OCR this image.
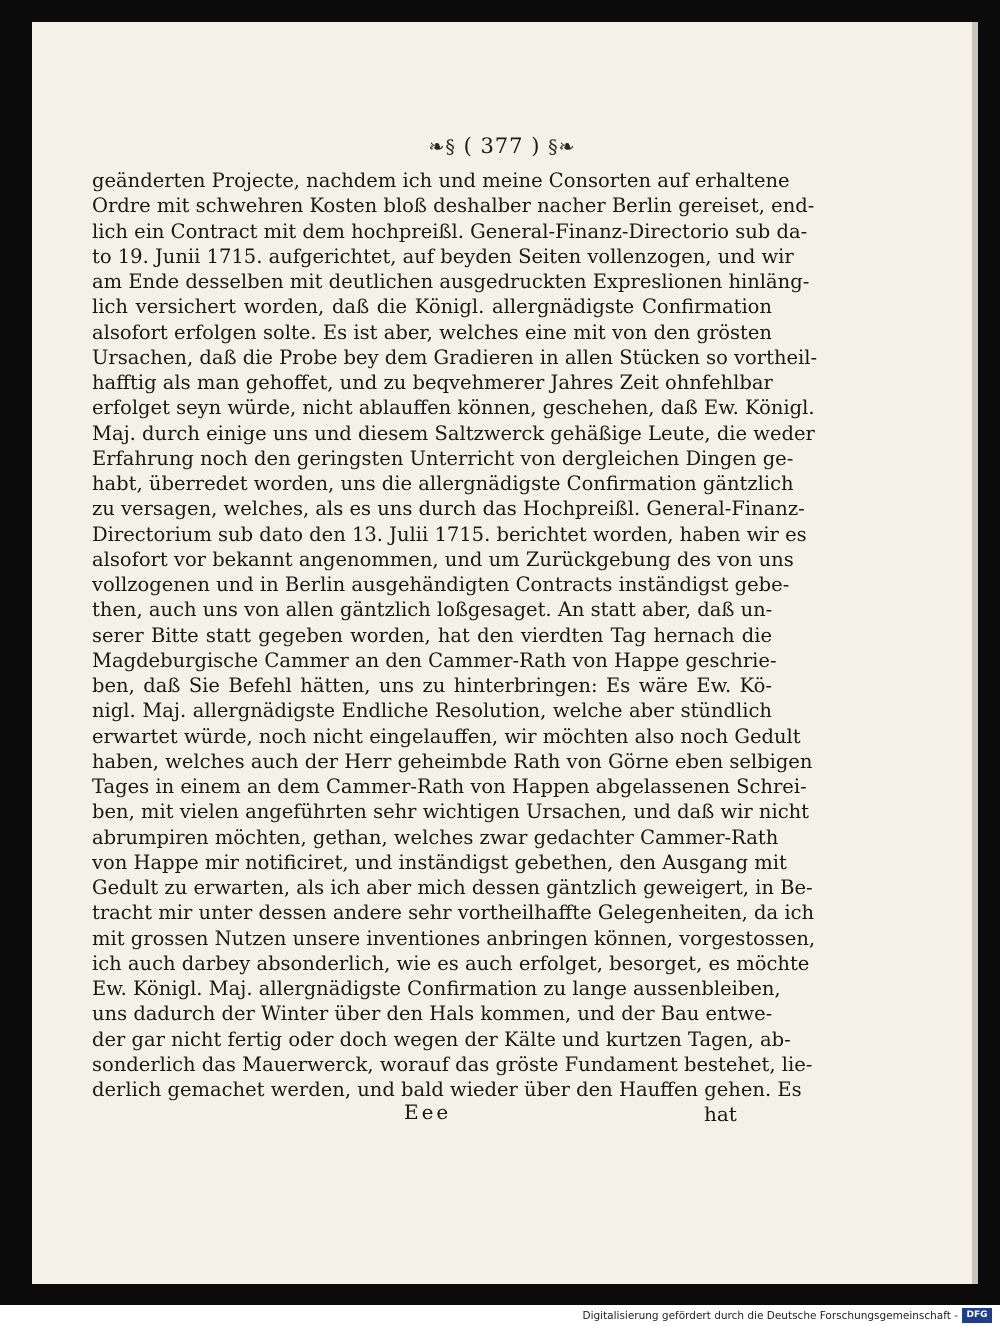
❧§ ( 377 ) §❧
geänderten Projecte, nachdem ich und meine Consorten auf erhaltene
Ordre mit schwehren Kosten bloß deshalber nacher Berlin gereiset, end-
lich ein Contract mit dem hochpreißl. General-Finanz-Directorio sub da-
to 19. Junii 1715. aufgerichtet, auf beyden Seiten vollenzogen, und wir
am Ende desselben mit deutlichen ausgedruckten Expreslionen hinläng-
lich versichert worden, daß die Königl. allergnädigste Confirmation
alsofort erfolgen solte. Es ist aber, welches eine mit von den grösten
Ursachen, daß die Probe bey dem Gradieren in allen Stücken so vortheil-
hafftig als man gehoffet, und zu beqvehmerer Jahres Zeit ohnfehlbar
erfolget seyn würde, nicht ablauffen können, geschehen, daß Ew. Königl.
Maj. durch einige uns und diesem Saltzwerck gehäßige Leute, die weder
Erfahrung noch den geringsten Unterricht von dergleichen Dingen ge-
habt, überredet worden, uns die allergnädigste Confirmation gäntzlich
zu versagen, welches, als es uns durch das Hochpreißl. General-Finanz-
Directorium sub dato den 13. Julii 1715. berichtet worden, haben wir es
alsofort vor bekannt angenommen, und um Zurückgebung des von uns
vollzogenen und in Berlin ausgehändigten Contracts inständigst gebe-
then, auch uns von allen gäntzlich loßgesaget. An statt aber, daß un-
serer Bitte statt gegeben worden, hat den vierdten Tag hernach die
Magdeburgische Cammer an den Cammer-Rath von Happe geschrie-
ben, daß Sie Befehl hätten, uns zu hinterbringen: Es wäre Ew. Kö-
nigl. Maj. allergnädigste Endliche Resolution, welche aber stündlich
erwartet würde, noch nicht eingelauffen, wir möchten also noch Gedult
haben, welches auch der Herr geheimbde Rath von Görne eben selbigen
Tages in einem an dem Cammer-Rath von Happen abgelassenen Schrei-
ben, mit vielen angeführten sehr wichtigen Ursachen, und daß wir nicht
abrumpiren möchten, gethan, welches zwar gedachter Cammer-Rath
von Happe mir notificiret, und inständigst gebethen, den Ausgang mit
Gedult zu erwarten, als ich aber mich dessen gäntzlich geweigert, in Be-
tracht mir unter dessen andere sehr vortheilhaffte Gelegenheiten, da ich
mit grossen Nutzen unsere inventiones anbringen können, vorgestossen,
ich auch darbey absonderlich, wie es auch erfolget, besorget, es möchte
Ew. Königl. Maj. allergnädigste Confirmation zu lange aussenbleiben,
uns dadurch der Winter über den Hals kommen, und der Bau entwe-
der gar nicht fertig oder doch wegen der Kälte und kurtzen Tagen, ab-
sonderlich das Mauerwerck, worauf das gröste Fundament bestehet, lie-
derlich gemachet werden, und bald wieder über den Hauffen gehen. Es
Eee	hat
Digitalisierung gefördert durch die Deutsche Forschungsgemeinschaft - DFG
